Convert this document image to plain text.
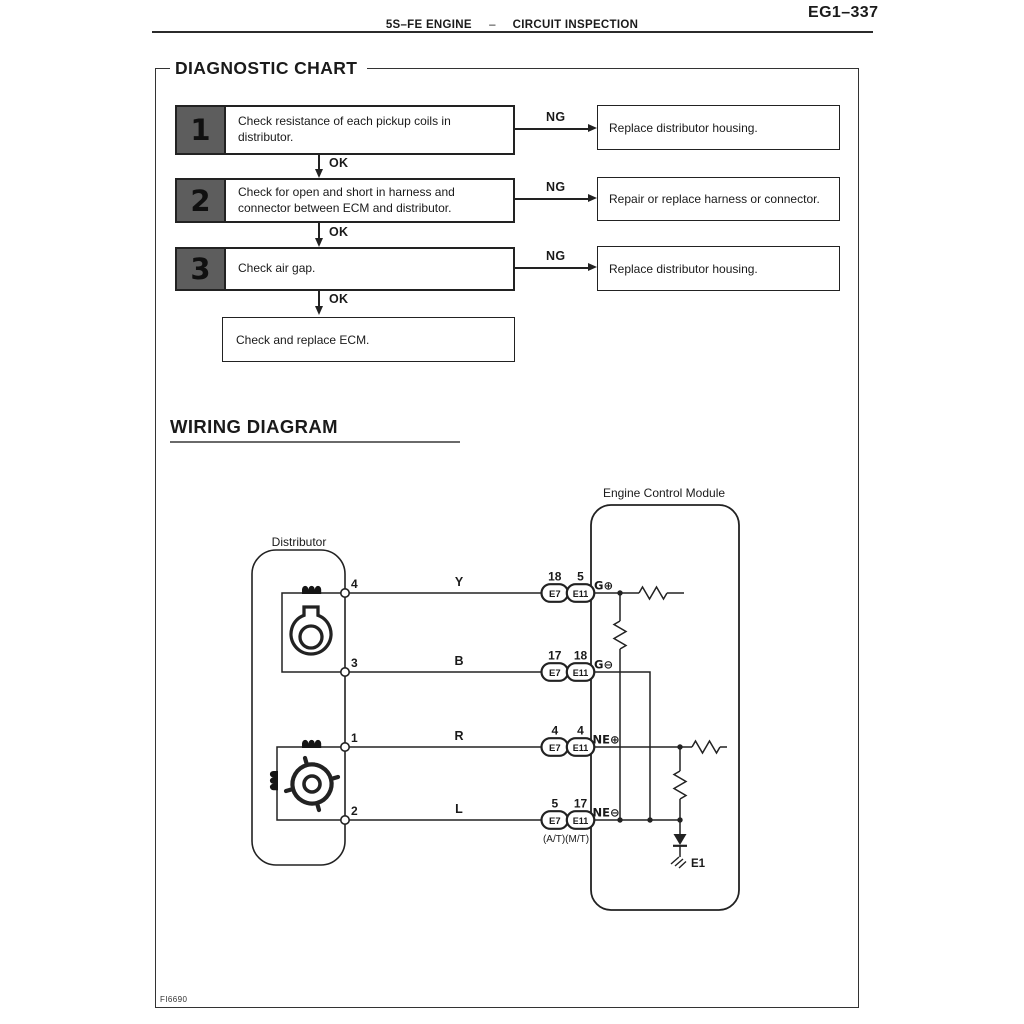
EG1–337
5S–FE ENGINE – CIRCUIT INSPECTION
DIAGNOSTIC CHART
1	Check resistance of each pickup coils in distributor.
NG
Replace distributor housing.
OK
2	Check for open and short in harness and connector between ECM and distributor.
NG
Repair or replace harness or connector.
OK
3	Check air gap.
NG
Replace distributor housing.
OK
Check and replace ECM.
WIRING DIAGRAM
Distributor
Engine Control Module
4	Y	18 5
E7 E11
G⊕
3	B	17 18
E7 E11
G⊖
1	R	4 4
E7 E11
NE⊕
2	L	5 17
E7 E11
NE⊖
(A/T)(M/T)
E1
FI6690
